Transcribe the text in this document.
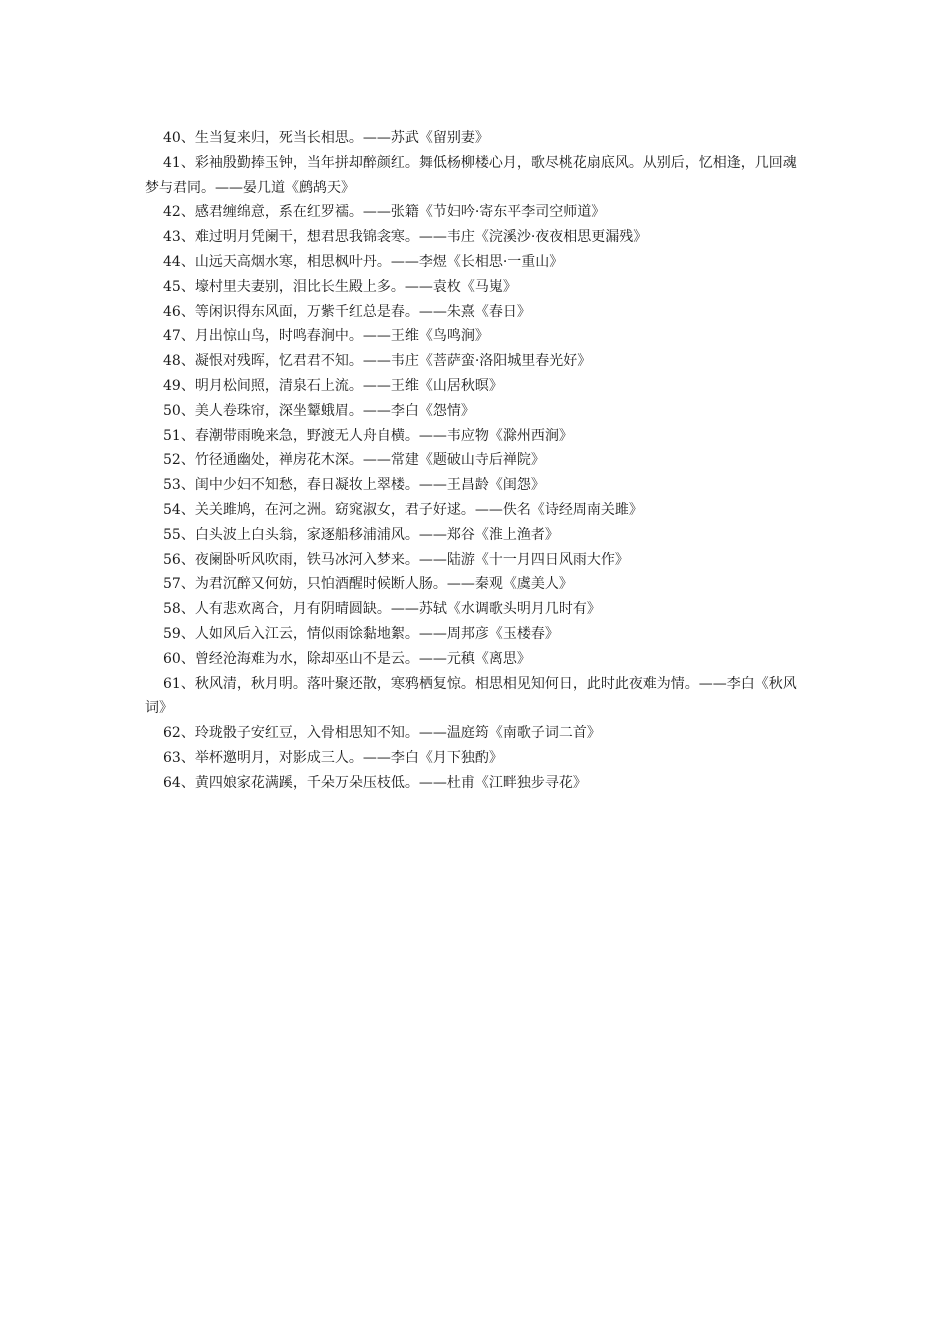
40、生当复来归，死当长相思。——苏武《留别妻》
41、彩袖殷勤捧玉钟，当年拼却醉颜红。舞低杨柳楼心月，歌尽桃花扇底风。从别后，忆相逢，几回魂梦与君同。——晏几道《鹧鸪天》
42、感君缠绵意，系在红罗襦。——张籍《节妇吟·寄东平李司空师道》
43、难过明月凭阑干，想君思我锦衾寒。——韦庄《浣溪沙·夜夜相思更漏残》
44、山远天高烟水寒，相思枫叶丹。——李煜《长相思·一重山》
45、壕村里夫妻别，泪比长生殿上多。——袁枚《马嵬》
46、等闲识得东风面，万紫千红总是春。——朱熹《春日》
47、月出惊山鸟，时鸣春涧中。——王维《鸟鸣涧》
48、凝恨对残晖，忆君君不知。——韦庄《菩萨蛮·洛阳城里春光好》
49、明月松间照，清泉石上流。——王维《山居秋暝》
50、美人卷珠帘，深坐颦蛾眉。——李白《怨情》
51、春潮带雨晚来急，野渡无人舟自横。——韦应物《滁州西涧》
52、竹径通幽处，禅房花木深。——常建《题破山寺后禅院》
53、闺中少妇不知愁，春日凝妆上翠楼。——王昌龄《闺怨》
54、关关雎鸠，在河之洲。窈窕淑女，君子好逑。——佚名《诗经周南关雎》
55、白头波上白头翁，家逐船移浦浦风。——郑谷《淮上渔者》
56、夜阑卧听风吹雨，铁马冰河入梦来。——陆游《十一月四日风雨大作》
57、为君沉醉又何妨，只怕酒醒时候断人肠。——秦观《虞美人》
58、人有悲欢离合，月有阴晴圆缺。——苏轼《水调歌头明月几时有》
59、人如风后入江云，情似雨馀黏地絮。——周邦彦《玉楼春》
60、曾经沧海难为水，除却巫山不是云。——元稹《离思》
61、秋风清，秋月明。落叶聚还散，寒鸦栖复惊。相思相见知何日，此时此夜难为情。——李白《秋风词》
62、玲珑骰子安红豆，入骨相思知不知。——温庭筠《南歌子词二首》
63、举杯邀明月，对影成三人。——李白《月下独酌》
64、黄四娘家花满蹊，千朵万朵压枝低。——杜甫《江畔独步寻花》
